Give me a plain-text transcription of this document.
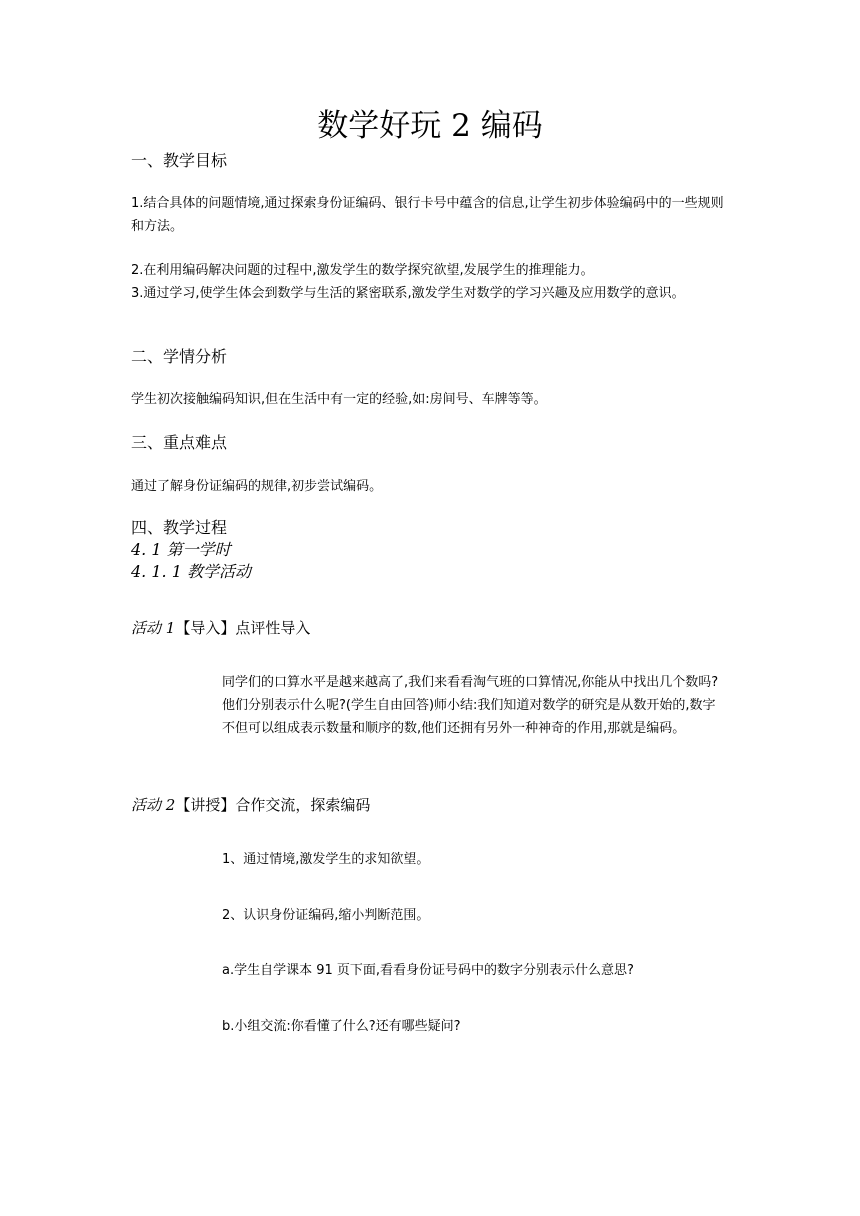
数学好玩 2 编码
一、教学目标
1.结合具体的问题情境,通过探索身份证编码、银行卡号中蕴含的信息,让学生初步体验编码中的一些规则和方法。
2.在利用编码解决问题的过程中,激发学生的数学探究欲望,发展学生的推理能力。
3.通过学习,使学生体会到数学与生活的紧密联系,激发学生对数学的学习兴趣及应用数学的意识。
二、学情分析
学生初次接触编码知识,但在生活中有一定的经验,如:房间号、车牌等等。
三、重点难点
通过了解身份证编码的规律,初步尝试编码。
四、教学过程
4. 1 第一学时
4. 1. 1 教学活动
活动 1【导入】点评性导入
同学们的口算水平是越来越高了,我们来看看淘气班的口算情况,你能从中找出几个数吗?他们分别表示什么呢?(学生自由回答)师小结:我们知道对数学的研究是从数开始的,数字不但可以组成表示数量和顺序的数,他们还拥有另外一种神奇的作用,那就是编码。
活动 2【讲授】合作交流，探索编码
1、通过情境,激发学生的求知欲望。
2、认识身份证编码,缩小判断范围。
a.学生自学课本 91 页下面,看看身份证号码中的数字分别表示什么意思?
b.小组交流:你看懂了什么?还有哪些疑问?
